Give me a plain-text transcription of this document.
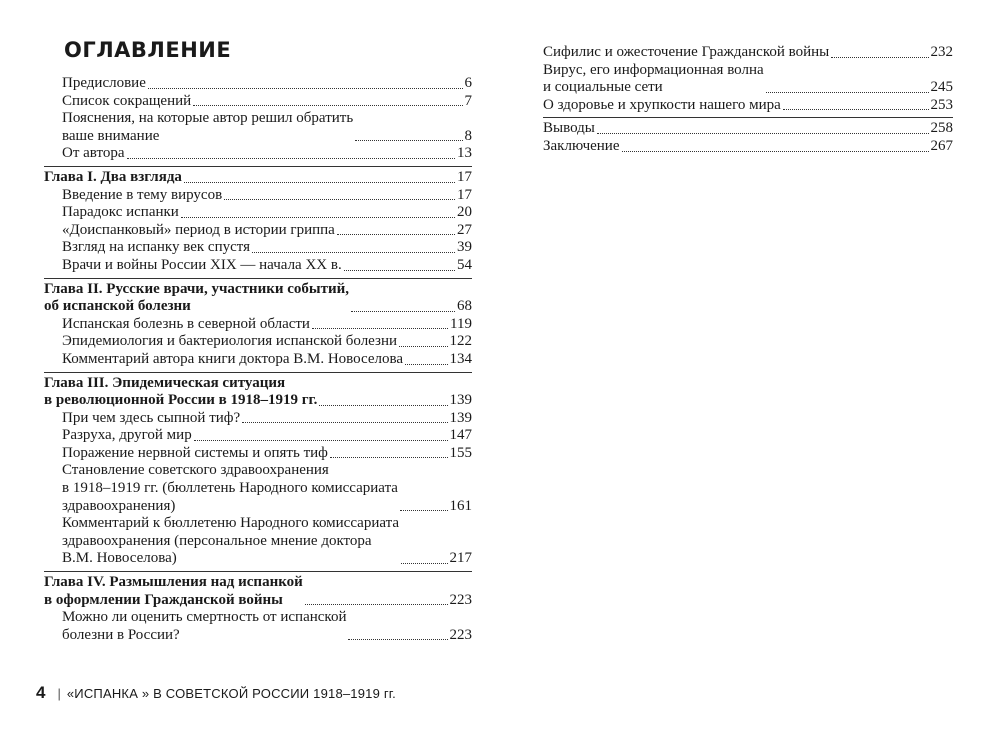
ОГЛАВЛЕНИЕ
Предисловие	6
Список сокращений	7
Пояснения, на которые автор решил обратить
ваше внимание	8
От автора	13
Глава I. Два взгляда	17
Введение в тему вирусов	17
Парадокс испанки	20
«Доиспанковый» период в истории гриппа	27
Взгляд на испанку век спустя	39
Врачи и войны России XIX — начала XX в.	54
Глава II. Русские врачи, участники событий,
об испанской болезни	68
Испанская болезнь в северной области	119
Эпидемиология и бактериология испанской болезни	122
Комментарий автора книги доктора В.М. Новоселова	134
Глава III. Эпидемическая ситуация
в революционной России в 1918–1919 гг.	139
При чем здесь сыпной тиф?	139
Разруха, другой мир	147
Поражение нервной системы и опять тиф	155
Становление советского здравоохранения
в 1918–1919 гг. (бюллетень Народного комиссариата
здравоохранения)	161
Комментарий к бюллетеню Народного комиссариата
здравоохранения (персональное мнение доктора
В.М. Новоселова)	217
Глава IV. Размышления над испанкой
в оформлении Гражданской войны	223
Можно ли оценить смертность от испанской
болезни в России?	223
Сифилис и ожесточение Гражданской войны	232
Вирус, его информационная волна
и социальные сети	245
О здоровье и хрупкости нашего мира	253
Выводы	258
Заключение	267
4 | «ИСПАНКА » В СОВЕТСКОЙ РОССИИ 1918–1919 гг.
